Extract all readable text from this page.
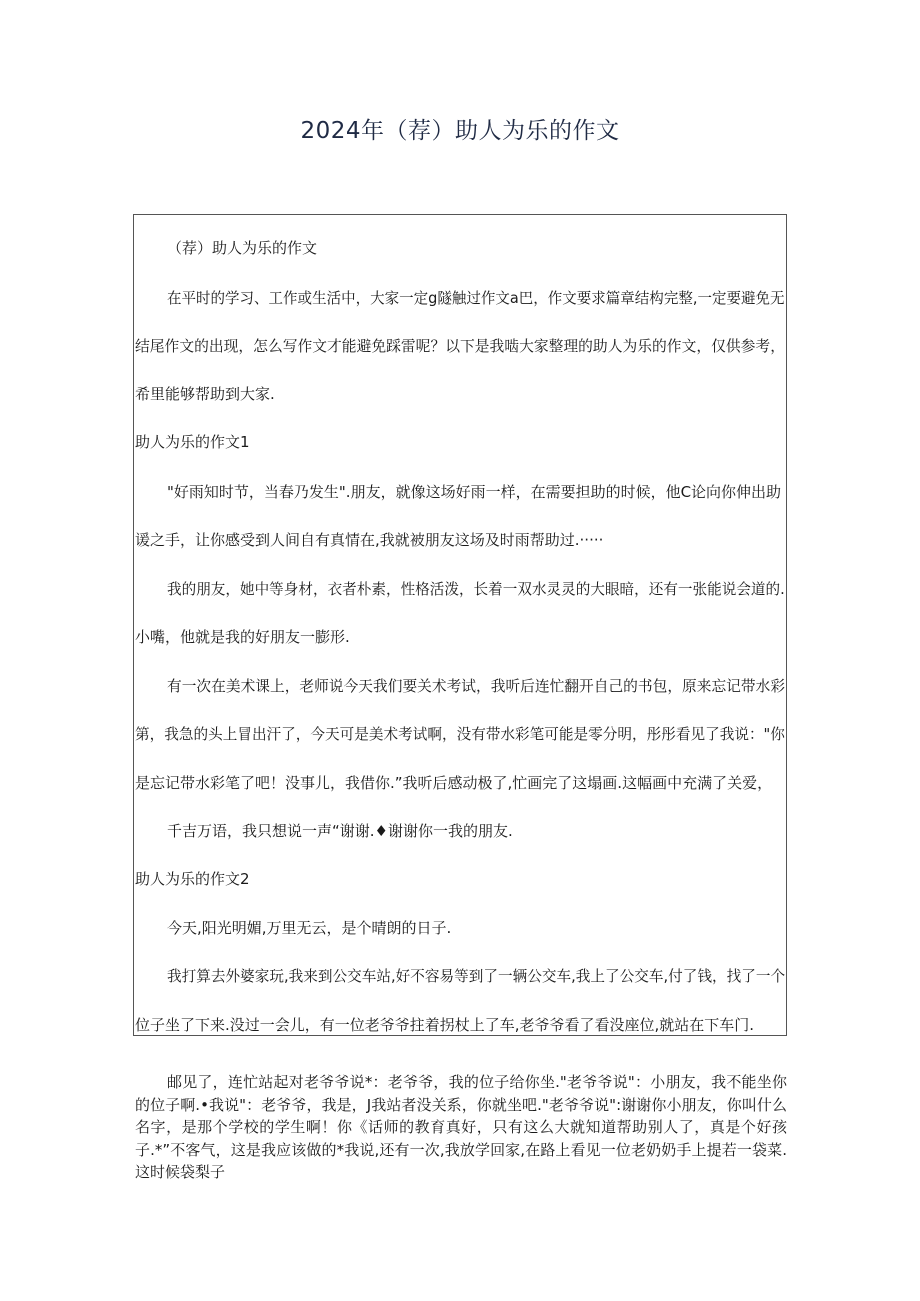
2024年（荐）助人为乐的作文
（荐）助人为乐的作文
在平时的学习、工作或生活中，大家一定g隧触过作文a巴，作文要求篇章结构完整,一定要避免无
结尾作文的出现，怎么写作文才能避免踩雷呢？以下是我啮大家整理的助人为乐的作文，仅供参考，
希里能够帮助到大家.
助人为乐的作文1
"好雨知时节，当春乃发生".朋友，就像这场好雨一样，在需要担助的时候，他C论向你伸出助
谖之手，让你感受到人间自有真情在,我就被朋友这场及时雨帮助过.·····
我的朋友，她中等身材，衣者朴素，性格活泼，长着一双水灵灵的大眼暗，还有一张能说会道的.
小嘴，他就是我的好朋友一膨形.
有一次在美术课上，老师说今天我们要关术考试，我听后连忙翻开自己的书包，原来忘记带水彩
第，我急的头上冒出汗了，今天可是美术考试啊，没有带水彩笔可能是零分明，彤彤看见了我说："你
是忘记带水彩笔了吧！没事儿，我借你.”我听后感动极了,忙画完了这塌画.这幅画中充满了关爱，
千吉万语，我只想说一声“谢谢.♦谢谢你一我的朋友.
助人为乐的作文2
今天,阳光明媚,万里无云，是个晴朗的日子.
我打算去外婆家玩,我来到公交车站,好不容易等到了一辆公交车,我上了公交车,付了钱，找了一个
位子坐了下来.没过一会儿，有一位老爷爷拄着拐杖上了车,老爷爷看了看没座位,就站在下车门.

邮见了，连忙站起对老爷爷说*：老爷爷，我的位子给你坐."老爷爷说"：小朋友，我不能坐你的位子啊.•我说"：老爷爷，我是，J我站者没关系，你就坐吧."老爷爷说":谢谢你小朋友，你叫什么名字，是那个学校的学生啊！你《话师的教育真好，只有这么大就知道帮助别人了，真是个好孩子.*”不客气，这是我应该做的*我说,还有一次,我放学回家,在路上看见一位老奶奶手上提若一袋菜.这时候袋梨子
